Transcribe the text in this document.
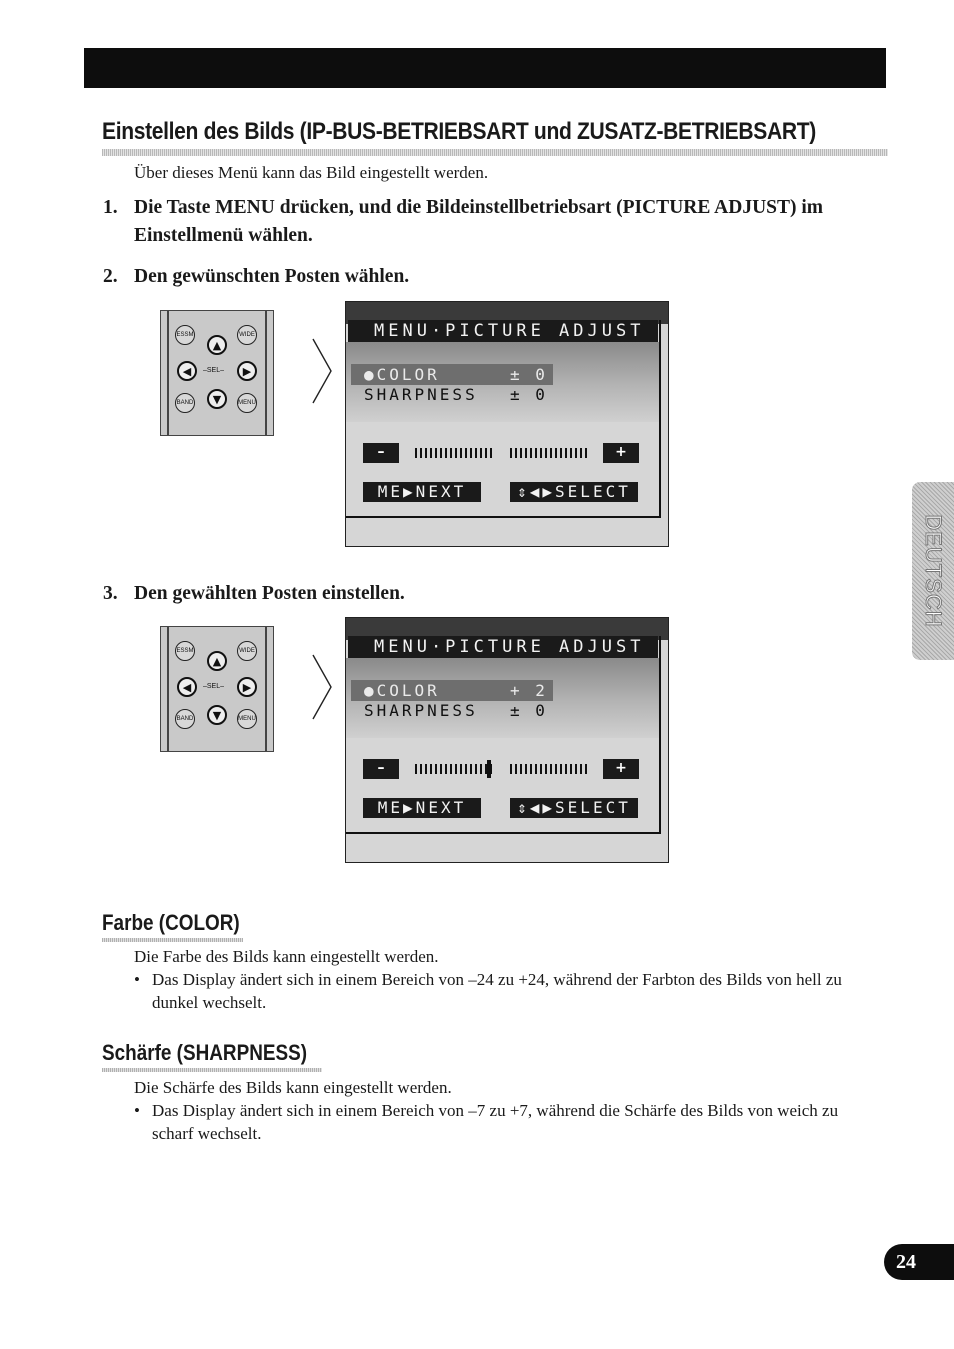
Einstellen des Bilds (IP-BUS-BETRIEBSART und ZUSATZ-BETRIEBSART)
Über dieses Menü kann das Bild eingestellt werden.
1. Die Taste MENU drücken, und die Bildeinstellbetriebsart (PICTURE ADJUST) im Einstellmenü wählen.
2. Den gewünschten Posten wählen.
ESSM	WIDE
▲
◀	–SEL–	▶
BAND	▼	MENU
MENU·PICTURE ADJUST
●COLOR	± 0
SHARPNESS ± 0
–	+
ME▶NEXT	⇕◀▶SELECT
3. Den gewählten Posten einstellen.
ESSM	WIDE
▲
◀	–SEL–	▶
BAND	▼	MENU
MENU·PICTURE ADJUST
●COLOR	+ 2
SHARPNESS ± 0
–	+
ME▶NEXT	⇕◀▶SELECT
Farbe (COLOR)
Die Farbe des Bilds kann eingestellt werden.
• Das Display ändert sich in einem Bereich von –24 zu +24, während der Farbton des Bilds von hell zu dunkel wechselt.
Schärfe (SHARPNESS)
Die Schärfe des Bilds kann eingestellt werden.
• Das Display ändert sich in einem Bereich von –7 zu +7, während die Schärfe des Bilds von weich zu scharf wechselt.
DEUTSCH
24
